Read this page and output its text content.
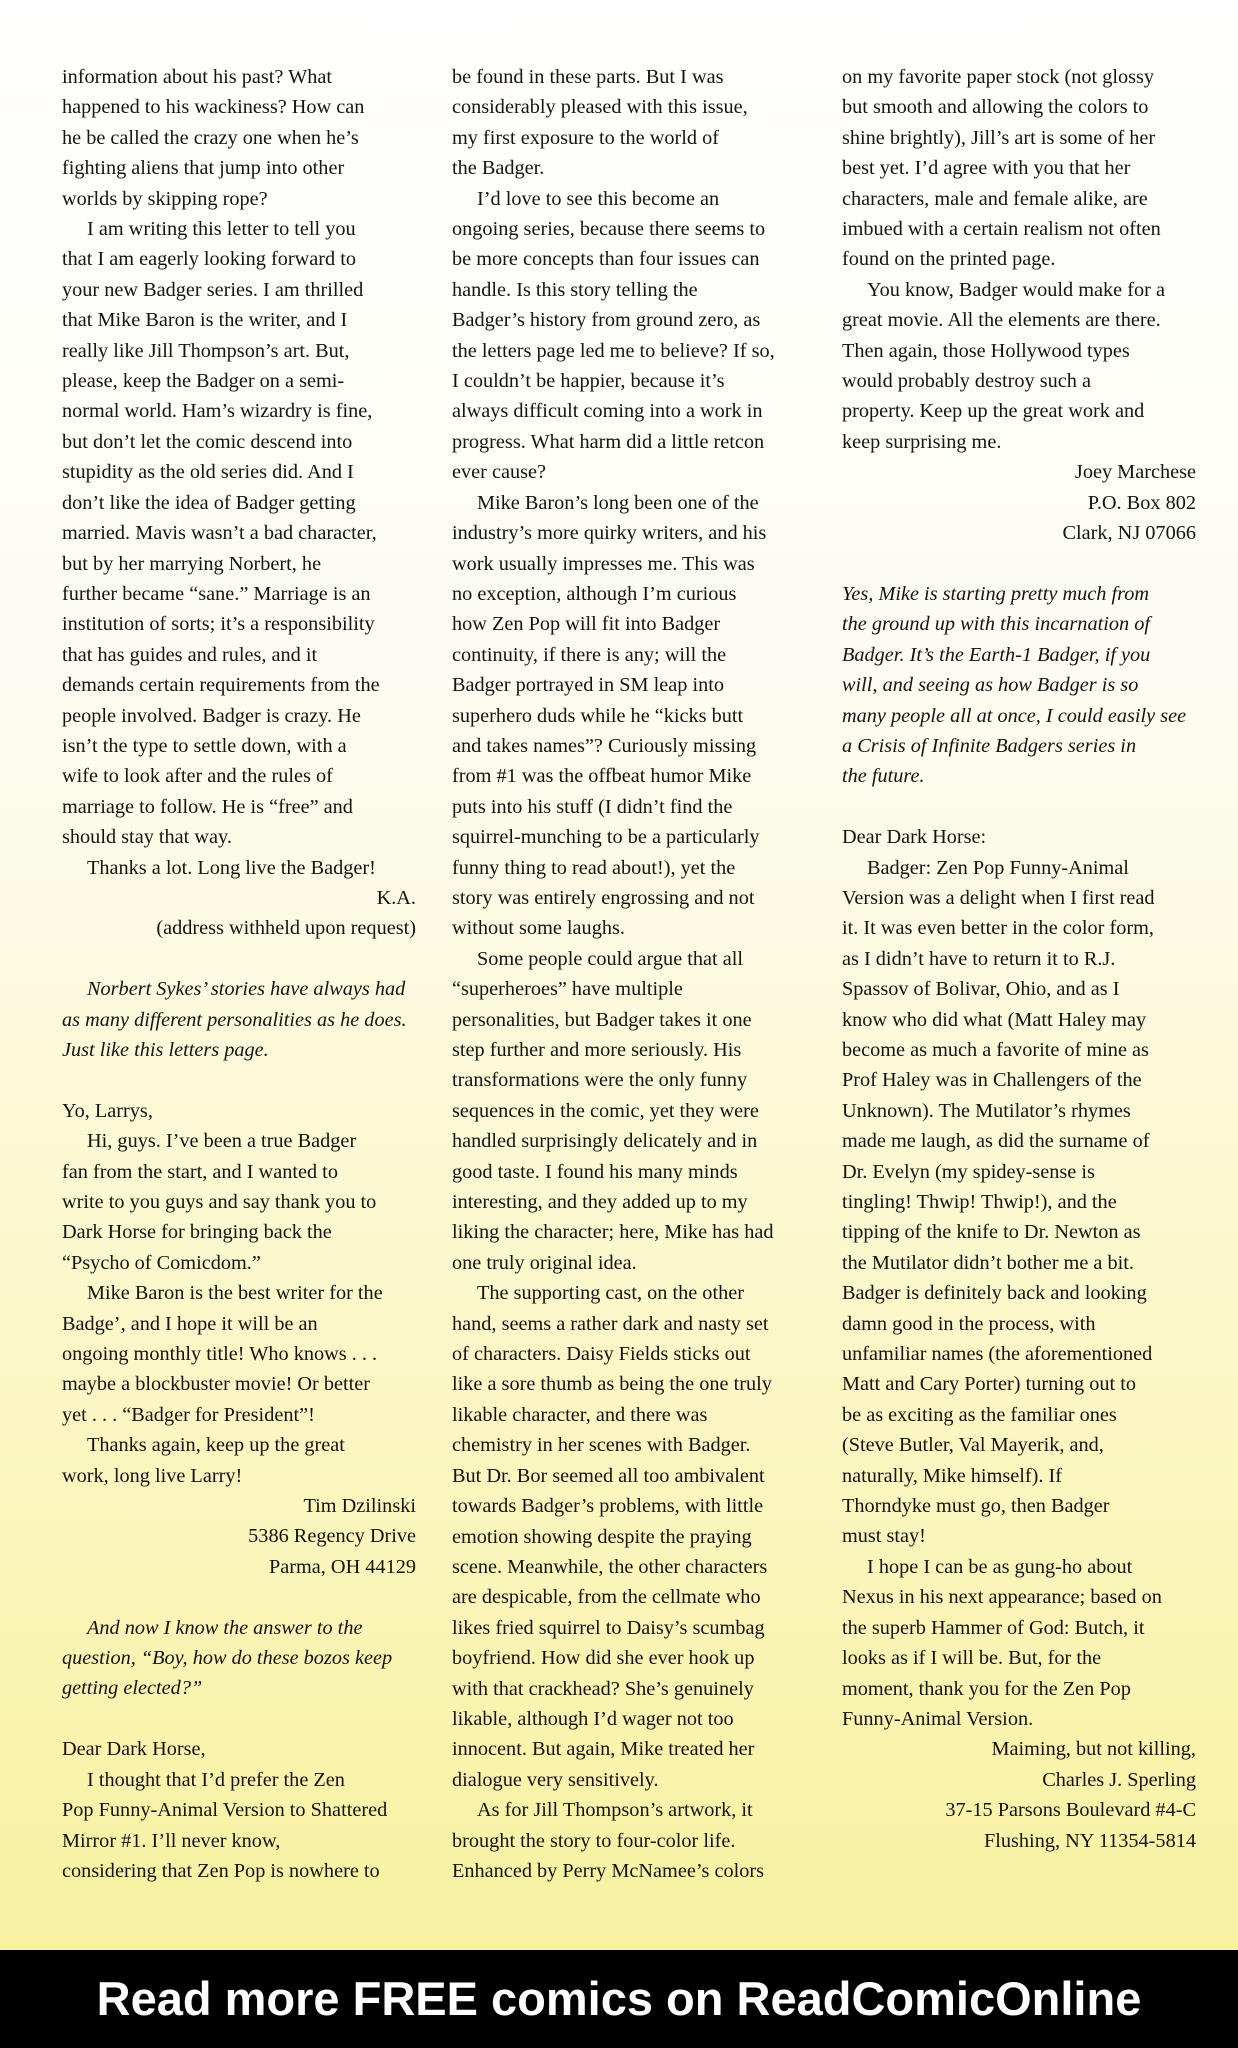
information about his past? What

happened to his wackiness? How can

he be called the crazy one when he’s

fighting aliens that jump into other

worlds by skipping rope?

I am writing this letter to tell you

that I am eagerly looking forward to

your new Badger series. I am thrilled

that Mike Baron is the writer, and I

really like Jill Thompson’s art. But,

please, keep the Badger on a semi-

normal world. Ham’s wizardry is fine,

but don’t let the comic descend into

stupidity as the old series did. And I

don’t like the idea of Badger getting

married. Mavis wasn’t a bad character,

but by her marrying Norbert, he

further became “sane.” Marriage is an

institution of sorts; it’s a responsibility

that has guides and rules, and it

demands certain requirements from the

people involved. Badger is crazy. He

isn’t the type to settle down, with a

wife to look after and the rules of

marriage to follow. He is “free” and

should stay that way.

Thanks a lot. Long live the Badger!

K.A.

(address withheld upon request)

Norbert Sykes’ stories have always had

as many different personalities as he does.

Just like this letters page.

Yo, Larrys,

Hi, guys. I’ve been a true Badger

fan from the start, and I wanted to

write to you guys and say thank you to

Dark Horse for bringing back the

“Psycho of Comicdom.”

Mike Baron is the best writer for the

Badge’, and I hope it will be an

ongoing monthly title! Who knows . . .

maybe a blockbuster movie! Or better

yet . . . “Badger for President”!

Thanks again, keep up the great

work, long live Larry!

Tim Dzilinski

5386 Regency Drive

Parma, OH 44129

And now I know the answer to the

question, “Boy, how do these bozos keep

getting elected?”

Dear Dark Horse,

I thought that I’d prefer the Zen

Pop Funny-Animal Version to Shattered

Mirror #1. I’ll never know,

considering that Zen Pop is nowhere to

be found in these parts. But I was

considerably pleased with this issue,

my first exposure to the world of

the Badger.

I’d love to see this become an

ongoing series, because there seems to

be more concepts than four issues can

handle. Is this story telling the

Badger’s history from ground zero, as

the letters page led me to believe? If so,

I couldn’t be happier, because it’s

always difficult coming into a work in

progress. What harm did a little retcon

ever cause?

Mike Baron’s long been one of the

industry’s more quirky writers, and his

work usually impresses me. This was

no exception, although I’m curious

how Zen Pop will fit into Badger

continuity, if there is any; will the

Badger portrayed in SM leap into

superhero duds while he “kicks butt

and takes names”? Curiously missing

from #1 was the offbeat humor Mike

puts into his stuff (I didn’t find the

squirrel-munching to be a particularly

funny thing to read about!), yet the

story was entirely engrossing and not

without some laughs.

Some people could argue that all

“superheroes” have multiple

personalities, but Badger takes it one

step further and more seriously. His

transformations were the only funny

sequences in the comic, yet they were

handled surprisingly delicately and in

good taste. I found his many minds

interesting, and they added up to my

liking the character; here, Mike has had

one truly original idea.

The supporting cast, on the other

hand, seems a rather dark and nasty set

of characters. Daisy Fields sticks out

like a sore thumb as being the one truly

likable character, and there was

chemistry in her scenes with Badger.

But Dr. Bor seemed all too ambivalent

towards Badger’s problems, with little

emotion showing despite the praying

scene. Meanwhile, the other characters

are despicable, from the cellmate who

likes fried squirrel to Daisy’s scumbag

boyfriend. How did she ever hook up

with that crackhead? She’s genuinely

likable, although I’d wager not too

innocent. But again, Mike treated her

dialogue very sensitively.

As for Jill Thompson’s artwork, it

brought the story to four-color life.

Enhanced by Perry McNamee’s colors

on my favorite paper stock (not glossy

but smooth and allowing the colors to

shine brightly), Jill’s art is some of her

best yet. I’d agree with you that her

characters, male and female alike, are

imbued with a certain realism not often

found on the printed page.

You know, Badger would make for a

great movie. All the elements are there.

Then again, those Hollywood types

would probably destroy such a

property. Keep up the great work and

keep surprising me.

Joey Marchese

P.O. Box 802

Clark, NJ 07066

Yes, Mike is starting pretty much from

the ground up with this incarnation of

Badger. It’s the Earth-1 Badger, if you

will, and seeing as how Badger is so

many people all at once, I could easily see

a Crisis of Infinite Badgers series in

the future.

Dear Dark Horse:

Badger: Zen Pop Funny-Animal

Version was a delight when I first read

it. It was even better in the color form,

as I didn’t have to return it to R.J.

Spassov of Bolivar, Ohio, and as I

know who did what (Matt Haley may

become as much a favorite of mine as

Prof Haley was in Challengers of the

Unknown). The Mutilator’s rhymes

made me laugh, as did the surname of

Dr. Evelyn (my spidey-sense is

tingling! Thwip! Thwip!), and the

tipping of the knife to Dr. Newton as

the Mutilator didn’t bother me a bit.

Badger is definitely back and looking

damn good in the process, with

unfamiliar names (the aforementioned

Matt and Cary Porter) turning out to

be as exciting as the familiar ones

(Steve Butler, Val Mayerik, and,

naturally, Mike himself). If

Thorndyke must go, then Badger

must stay!

I hope I can be as gung-ho about

Nexus in his next appearance; based on

the superb Hammer of God: Butch, it

looks as if I will be. But, for the

moment, thank you for the Zen Pop

Funny-Animal Version.

Maiming, but not killing,

Charles J. Sperling

37-15 Parsons Boulevard #4-C

Flushing, NY 11354-5814

Read more FREE comics on ReadComicOnline
